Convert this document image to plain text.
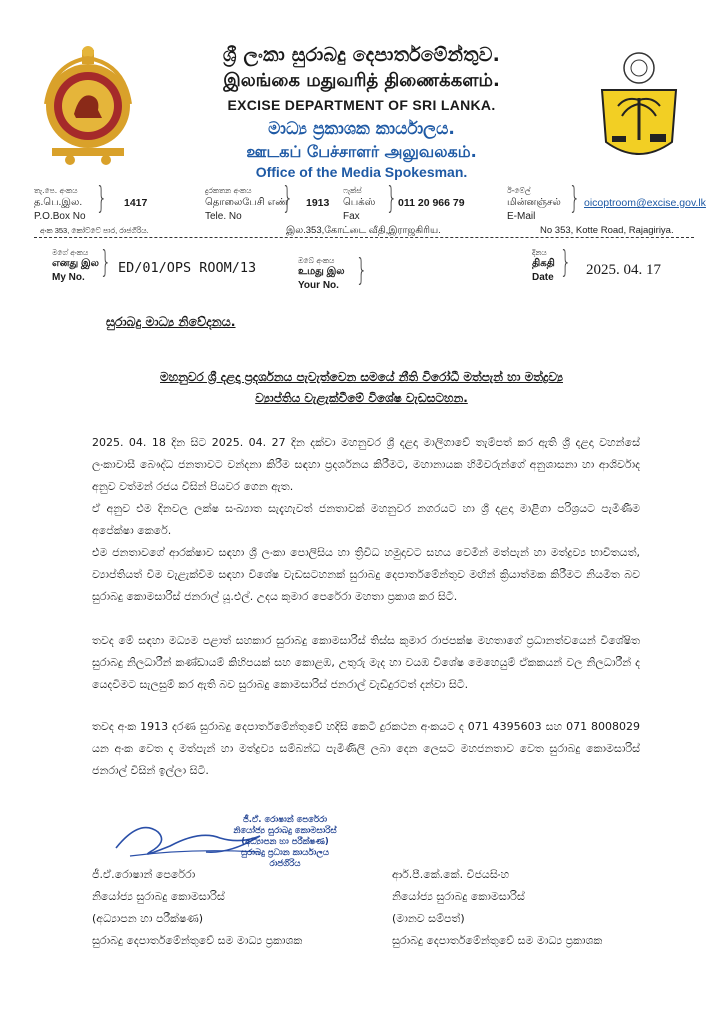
ශ්‍රී ලංකා සුරාබදු දෙපාර්තමේන්තුව.
இலங்கை மதுவரித் திணைக்களம்.
EXCISE DEPARTMENT OF SRI LANKA.
මාධ්‍ය ප්‍රකාශක කාර්යාලය.
ஊடகப் பேச்சாளர் அலுவலகம்.
Office of the Media Spokesman.
තැ.පෙ. අංකය
த.பெ.இல.
P.O.Box No
} 1417
දුරකතන අංකය
தொலைபேசி எண்
Tele. No
} 1913
ෆැක්ස්
பெக்ஸ்
Fax
} 011 20 966 79
ඊ-මේල්
மின்னஞ்சல்
E-Mail
} oicoptroom@excise.gov.lk
අංක 353, කෝට්ටේ පාර, රාජගිරිය.	இல.353,கோட்டை வீதி,இராஜகிரிய.	No 353, Kotte Road, Rajagiriya.
මගේ අංකය
எனது இல
My No. } ED/01/OPS ROOM/13	ඔබේ අංකය
உமது இல
Your No. }
දිනය
திகதி
Date } 2025. 04. 17
සුරාබදු මාධ්‍ය නිවේදනය.
මහනුවර ශ්‍රී දළදා ප්‍රදර්ශනය පැවැත්වෙන සමයේ නීති විරෝධී මත්පැන් හා මත්ද්‍රව්‍ය
ව්‍යාප්තිය වැළැක්වීමේ විශේෂ වැඩසටහන.
2025. 04. 18 දින සිට 2025. 04. 27 දින දක්වා මහනුවර ශ්‍රී දළදා මාලිගාවේ තැම්පත් කර ඇති ශ්‍රී දළදා වහන්සේ ලංකාවාසී බෞද්ධ ජනතාවට වන්දනා කිරීම සඳහා ප්‍රදර්ශනය කිරීමට, මහානායක හිමිවරුන්ගේ අනුශාසනා හා ආශිර්වාද අනුව වත්මන් රජය විසින් පියවර ගෙන ඇත.
ඒ අනුව එම දිනවල ලක්ෂ සංඛ්‍යාත සැදැහැවත් ජනතාවක් මහනුවර නගරයට හා ශ්‍රී දළදා මාළිගා පරිශ්‍රයට පැමිණීම අපේක්ෂා කෙරේ.
එම ජනතාවගේ ආරක්ෂාව සඳහා ශ්‍රී ලංකා පොලිසිය හා ත්‍රිවිධ හමුදාවට සහය වෙමින් මත්පැන් හා මත්ද්‍රව්‍ය භාවිතයත්, ව්‍යාප්තියත් වීම වැළැක්වීම සඳහා විශේෂ වැඩසටහනක් සුරාබදු දෙපාර්තමේන්තුව මඟින් ක්‍රියාත්මක කිරීමට නියමිත බව සුරාබදු කොමසාරිස් ජනරාල් යූ.එල්. උදය කුමාර පෙරේරා මහතා ප්‍රකාශ කර සිටී.
තවද මේ සඳහා මධ්‍යම පළාත් සහකාර සුරාබදු කොමසාරිස් තිස්ස කුමාර රාජපක්ෂ මහතාගේ ප්‍රධානත්වයෙන් විශේෂිත සුරාබදු නිලධාරීන් කණ්ඩායම් කිහිපයක් සහ කොළඹ, උතුරු මැද හා වයඹ විශේෂ මෙහෙයුම් ඒකකයන් වල නිලධාරීන් ද යෙදවීමට සැලසුම් කර ඇති බව සුරාබදු කොමසාරිස් ජනරාල් වැඩිදුරටත් දන්වා සිටී.
තවද අංක 1913 දරණ සුරාබදු දෙපාර්තමේන්තුවේ හදිසි කෙටි දුරකථන අංකයට ද 071 4395603 සහ 071 8008029 යන අංක වෙත ද මත්පැන් හා මත්ද්‍රව්‍ය සම්බන්ධ පැමිණිලි ලබා දෙන ලෙසට මහජනතාව වෙත සුරාබදු කොමසාරිස් ජනරාල් විසින් ඉල්ලා සිටී.
ජී.ඒ. රොෂාන් පෙරේරා
නියෝජ්‍ය සුරාබදු කොමසාරිස්
(අධ්‍යාපන හා පරීක්ෂණ)
සුරාබදු ප්‍රධාන කාර්යාලය
රාජගිරිය
ජී.ඒ.රොෂාන් පෙරේරා
නියෝජ්‍ය සුරාබදු කොමසාරිස්
(අධ්‍යාපන හා පරීක්ෂණ)
සුරාබදු දෙපාර්තමේන්තුවේ සම මාධ්‍ය ප්‍රකාශක
ආර්.පී.කේ.කේ. විජයසිංහ
නියෝජ්‍ය සුරාබදු කොමසාරිස්
(මානව සම්පත්)
සුරාබදු දෙපාර්තමේන්තුවේ සම මාධ්‍ය ප්‍රකාශක
